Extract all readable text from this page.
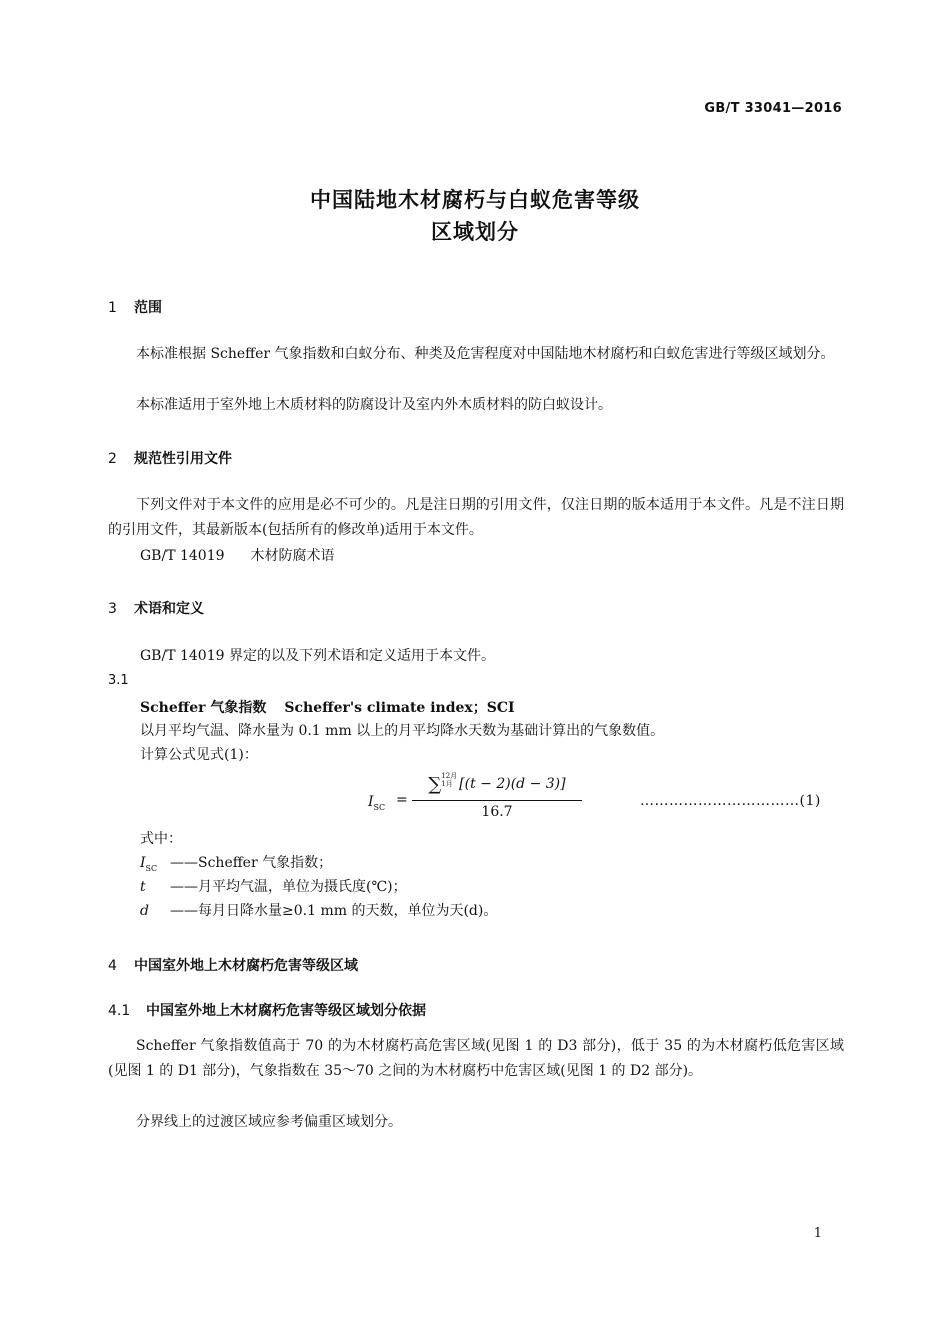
GB/T 33041—2016
中国陆地木材腐朽与白蚁危害等级
区域划分
1 范围

本标准根据 Scheffer 气象指数和白蚁分布、种类及危害程度对中国陆地木材腐朽和白蚁危害进行等级区域划分。

本标准适用于室外地上木质材料的防腐设计及室内外木质材料的防白蚁设计。

2 规范性引用文件

下列文件对于本文件的应用是必不可少的。凡是注日期的引用文件，仅注日期的版本适用于本文件。凡是不注日期的引用文件，其最新版本(包括所有的修改单)适用于本文件。

GB/T 14019 木材防腐术语
3 术语和定义
GB/T 14019 界定的以及下列术语和定义适用于本文件。
3.1
Scheffer 气象指数 Scheffer's climate index；SCI
以月平均气温、降水量为 0.1 mm 以上的月平均降水天数为基础计算出的气象数值。
计算公式见式(1)：
$I_{SC}$ =
∑12月
1月 [(t − 2)(d − 3)]
16.7
……………………………(1)
式中：
$I_{SC}$ ——Scheffer 气象指数；
t ——月平均气温，单位为摄氏度(℃)；
d ——每月日降水量≥0.1 mm 的天数，单位为天(d)。
4 中国室外地上木材腐朽危害等级区域
4.1 中国室外地上木材腐朽危害等级区域划分依据

Scheffer 气象指数值高于 70 的为木材腐朽高危害区域(见图 1 的 D3 部分)，低于 35 的为木材腐朽低危害区域(见图 1 的 D1 部分)，气象指数在 35～70 之间的为木材腐朽中危害区域(见图 1 的 D2 部分)。

分界线上的过渡区域应参考偏重区域划分。

1
